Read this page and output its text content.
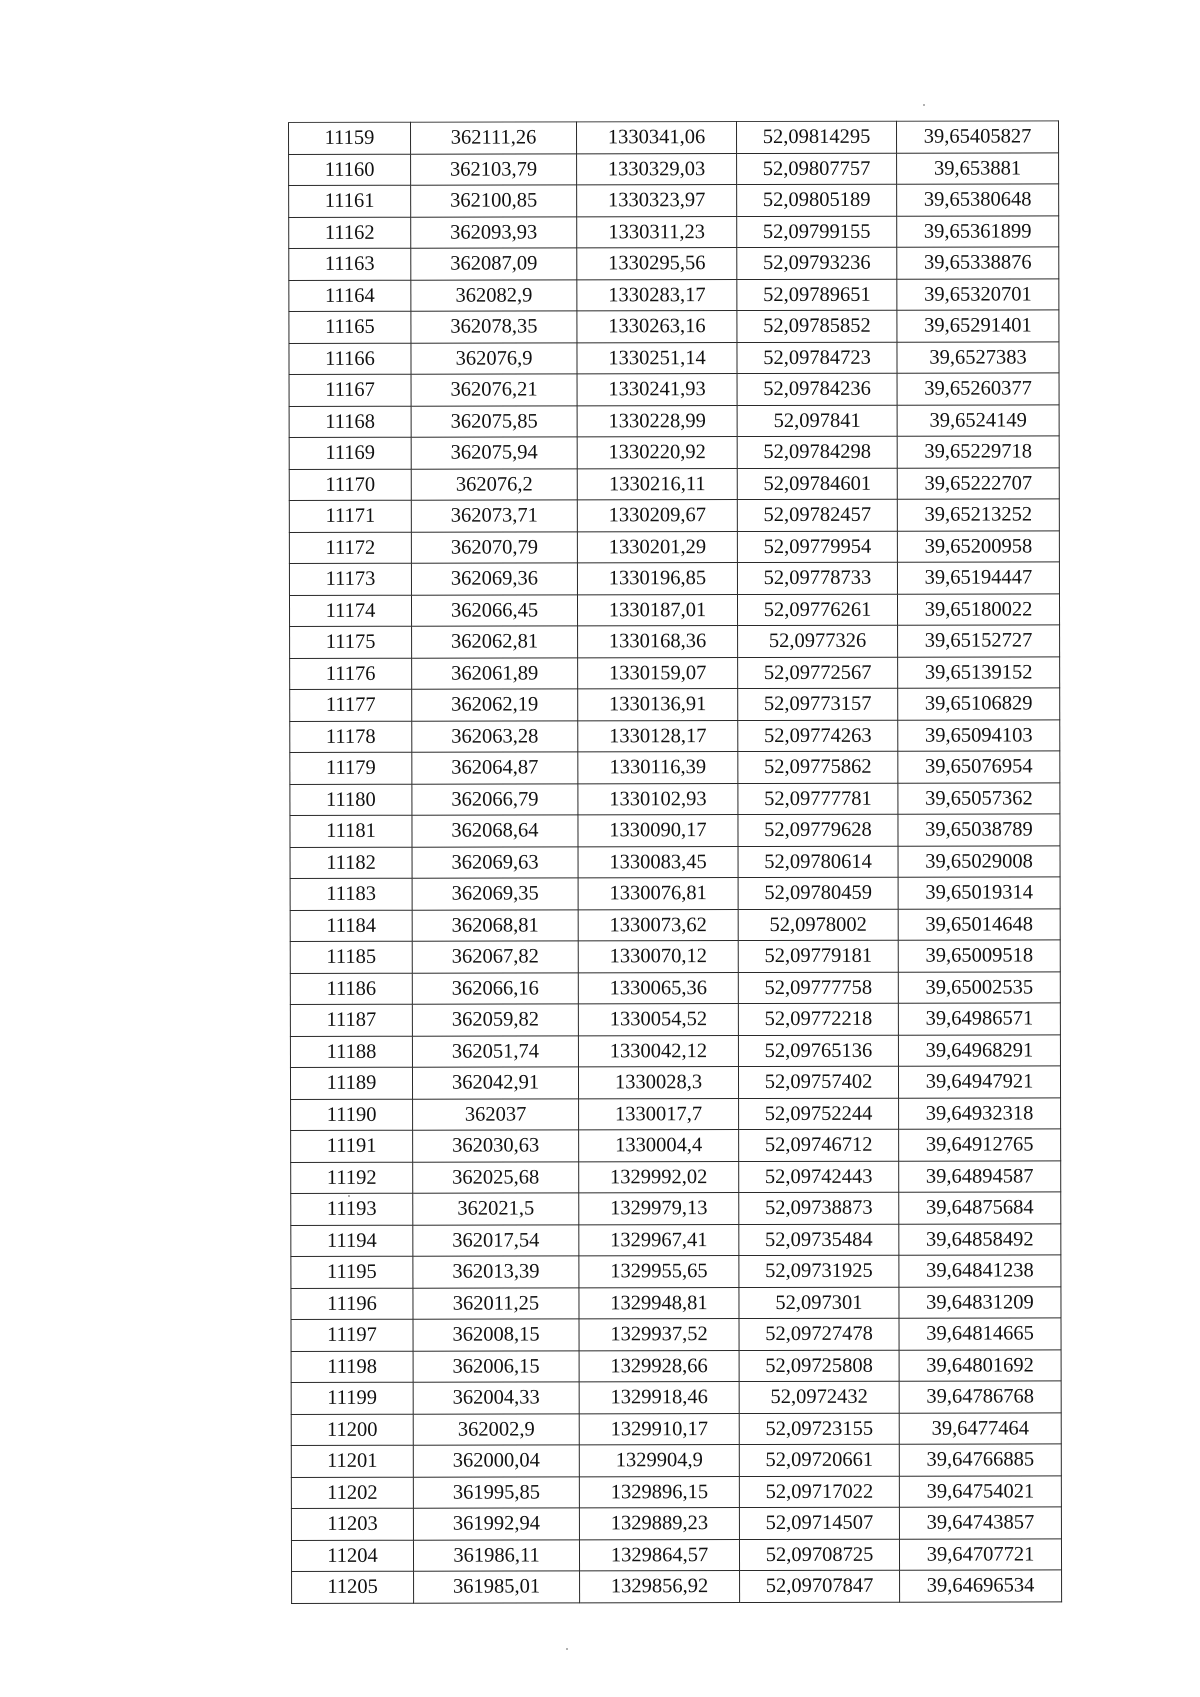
11159	362111,26	1330341,06	52,09814295	39,65405827
11160	362103,79	1330329,03	52,09807757	39,653881
11161	362100,85	1330323,97	52,09805189	39,65380648
11162	362093,93	1330311,23	52,09799155	39,65361899
11163	362087,09	1330295,56	52,09793236	39,65338876
11164	362082,9	1330283,17	52,09789651	39,65320701
11165	362078,35	1330263,16	52,09785852	39,65291401
11166	362076,9	1330251,14	52,09784723	39,6527383
11167	362076,21	1330241,93	52,09784236	39,65260377
11168	362075,85	1330228,99	52,097841	39,6524149
11169	362075,94	1330220,92	52,09784298	39,65229718
11170	362076,2	1330216,11	52,09784601	39,65222707
11171	362073,71	1330209,67	52,09782457	39,65213252
11172	362070,79	1330201,29	52,09779954	39,65200958
11173	362069,36	1330196,85	52,09778733	39,65194447
11174	362066,45	1330187,01	52,09776261	39,65180022
11175	362062,81	1330168,36	52,0977326	39,65152727
11176	362061,89	1330159,07	52,09772567	39,65139152
11177	362062,19	1330136,91	52,09773157	39,65106829
11178	362063,28	1330128,17	52,09774263	39,65094103
11179	362064,87	1330116,39	52,09775862	39,65076954
11180	362066,79	1330102,93	52,09777781	39,65057362
11181	362068,64	1330090,17	52,09779628	39,65038789
11182	362069,63	1330083,45	52,09780614	39,65029008
11183	362069,35	1330076,81	52,09780459	39,65019314
11184	362068,81	1330073,62	52,0978002	39,65014648
11185	362067,82	1330070,12	52,09779181	39,65009518
11186	362066,16	1330065,36	52,09777758	39,65002535
11187	362059,82	1330054,52	52,09772218	39,64986571
11188	362051,74	1330042,12	52,09765136	39,64968291
11189	362042,91	1330028,3	52,09757402	39,64947921
11190	362037	1330017,7	52,09752244	39,64932318
11191	362030,63	1330004,4	52,09746712	39,64912765
11192	362025,68	1329992,02	52,09742443	39,64894587
11193	362021,5	1329979,13	52,09738873	39,64875684
11194	362017,54	1329967,41	52,09735484	39,64858492
11195	362013,39	1329955,65	52,09731925	39,64841238
11196	362011,25	1329948,81	52,097301	39,64831209
11197	362008,15	1329937,52	52,09727478	39,64814665
11198	362006,15	1329928,66	52,09725808	39,64801692
11199	362004,33	1329918,46	52,0972432	39,64786768
11200	362002,9	1329910,17	52,09723155	39,6477464
11201	362000,04	1329904,9	52,09720661	39,64766885
11202	361995,85	1329896,15	52,09717022	39,64754021
11203	361992,94	1329889,23	52,09714507	39,64743857
11204	361986,11	1329864,57	52,09708725	39,64707721
11205	361985,01	1329856,92	52,09707847	39,64696534
